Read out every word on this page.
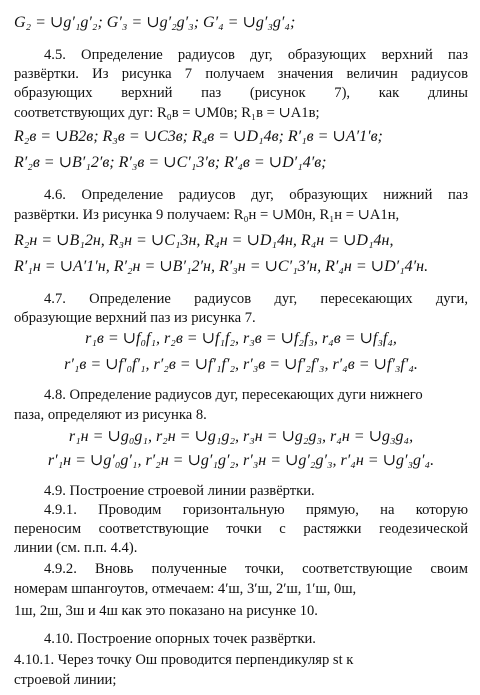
G₂ = ∪g′₁g′₂; G′₃ = ∪g′₂g′₃; G′₄ = ∪g′₃g′₄;
4.5. Определение радиусов дуг, образующих верхний паз
развёртки. Из рисунка 7 получаем значения величин радиусов
образующих верхний паз (рисунок 7), как длины
соответствующих дуг: R₀в = ∪M0в; R₁в = ∪A1в;
R₂в = ∪B2в; R₃в = ∪C3в; R₄в = ∪D₁4в; R′₁в = ∪A′1′в;
R′₂в = ∪B′₁2′в; R′₃в = ∪C′₁3′в; R′₄в = ∪D′₁4′в;
4.6. Определение радиусов дуг, образующих нижний паз
развёртки. Из рисунка 9 получаем: R₀н = ∪M0н, R₁н = ∪A1н,
R₂н = ∪B₁2н, R₃н = ∪C₁3н, R₄н = ∪D₁4н, R₄н = ∪D₁4н,
R′₁н = ∪A′1′н, R′₂н = ∪B′₁2′н, R′₃н = ∪C′₁3′н, R′₄н = ∪D′₁4′н.
4.7. Определение радиусов дуг, пересекающих дуги,
образующие верхний паз из рисунка 7.
r₁в = ∪f₀f₁, r₂в = ∪f₁f₂, r₃в = ∪f₂f₃, r₄в = ∪f₃f₄,
r′₁в = ∪f′₀f′₁, r′₂в = ∪f′₁f′₂, r′₃в = ∪f′₂f′₃, r′₄в = ∪f′₃f′₄.
4.8. Определение радиусов дуг, пересекающих дуги нижнего
паза, определяют из рисунка 8.
r₁н = ∪g₀g₁, r₂н = ∪g₁g₂, r₃н = ∪g₂g₃, r₄н = ∪g₃g₄,
r′₁н = ∪g′₀g′₁, r′₂н = ∪g′₁g′₂, r′₃н = ∪g′₂g′₃, r′₄н = ∪g′₃g′₄.
4.9. Построение строевой линии развёртки.
4.9.1. Проводим горизонтальную прямую, на которую
переносим соответствующие точки с растяжки геодезической
линии (см. п.п. 4.4).
4.9.2. Вновь полученные точки, соответствующие своим
номерам шпангоутов, отмечаем: 4′ш, 3′ш, 2′ш, 1′ш, 0ш,
1ш, 2ш, 3ш и 4ш как это показано на рисунке 10.
4.10. Построение опорных точек развёртки.
4.10.1. Через точку Ош проводится перпендикуляр st к
строевой линии;
